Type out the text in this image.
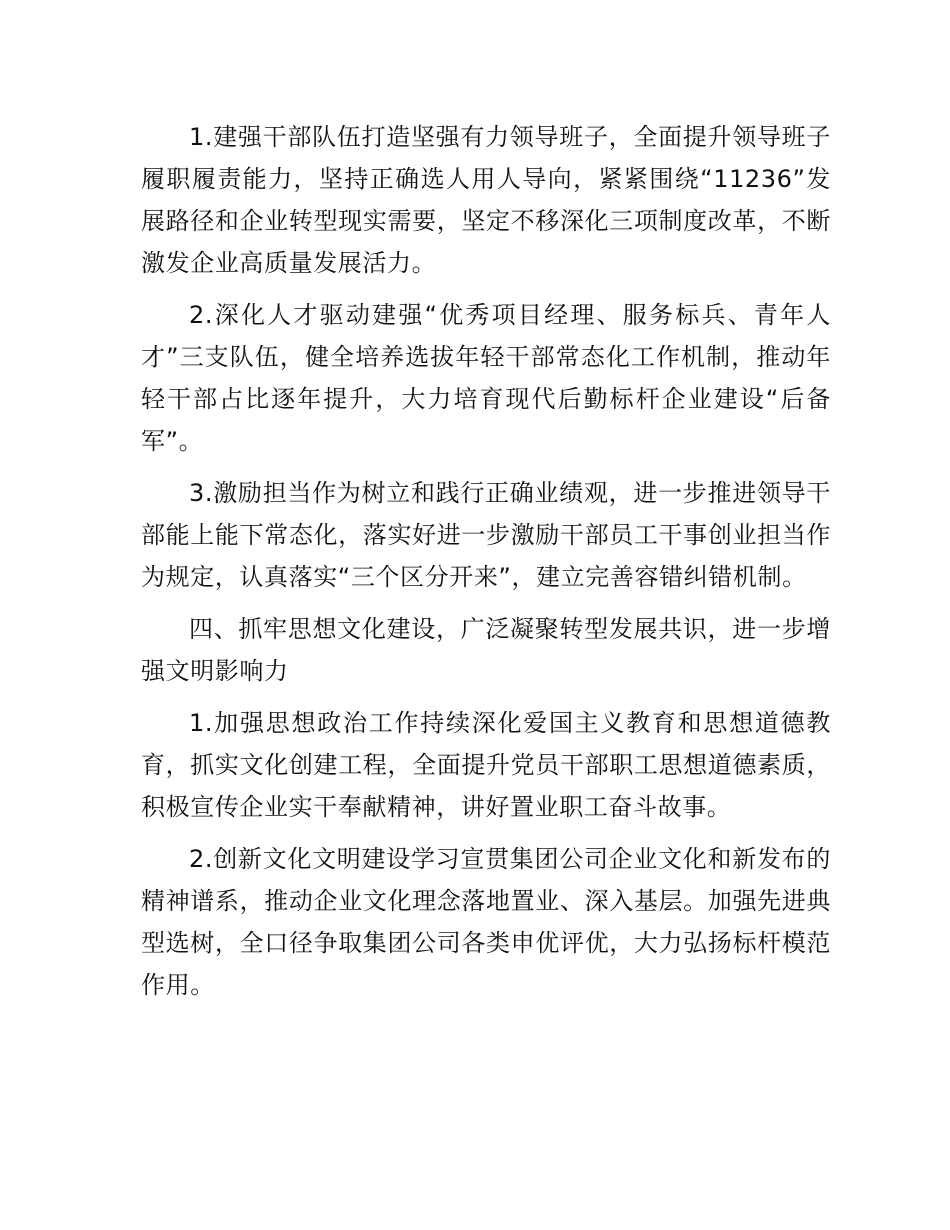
1.建强干部队伍打造坚强有力领导班子，全面提升领导班子履职履责能力，坚持正确选人用人导向，紧紧围绕“11236”发展路径和企业转型现实需要，坚定不移深化三项制度改革，不断激发企业高质量发展活力。

2.深化人才驱动建强“优秀项目经理、服务标兵、青年人才”三支队伍，健全培养选拔年轻干部常态化工作机制，推动年轻干部占比逐年提升，大力培育现代后勤标杆企业建设“后备军”。

3.激励担当作为树立和践行正确业绩观，进一步推进领导干部能上能下常态化，落实好进一步激励干部员工干事创业担当作为规定，认真落实“三个区分开来”，建立完善容错纠错机制。

四、抓牢思想文化建设，广泛凝聚转型发展共识，进一步增强文明影响力

1.加强思想政治工作持续深化爱国主义教育和思想道德教育，抓实文化创建工程，全面提升党员干部职工思想道德素质，积极宣传企业实干奉献精神，讲好置业职工奋斗故事。

2.创新文化文明建设学习宣贯集团公司企业文化和新发布的精神谱系，推动企业文化理念落地置业、深入基层。加强先进典型选树，全口径争取集团公司各类申优评优，大力弘扬标杆模范作用。
